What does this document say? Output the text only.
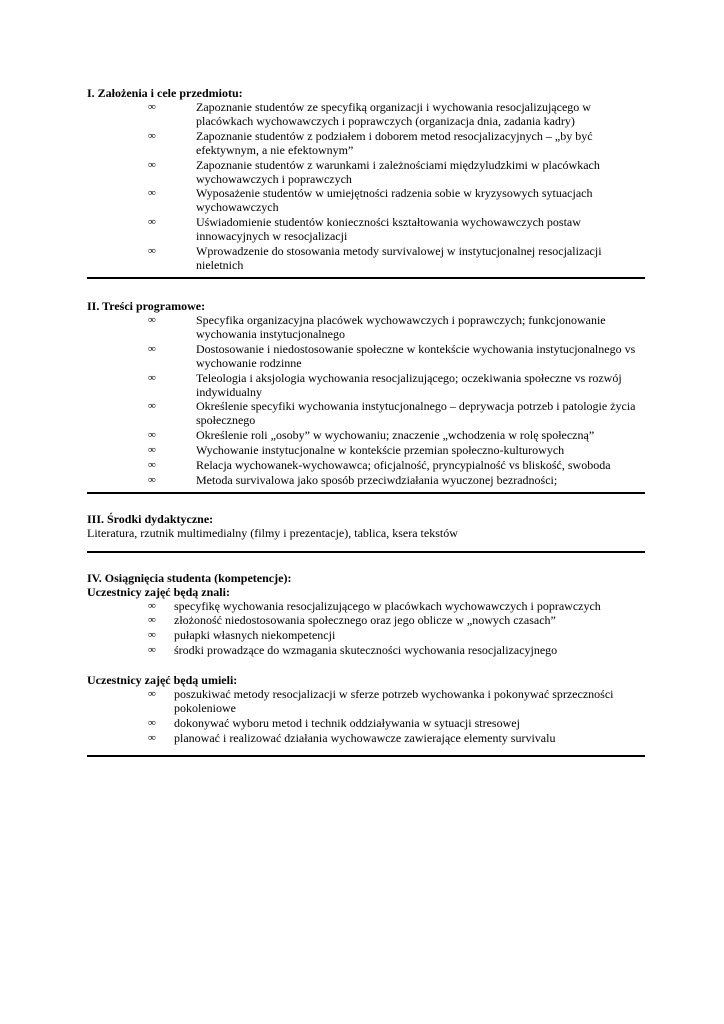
I. Założenia i cele przedmiotu:

∞	Zapoznanie studentów ze specyfiką organizacji i wychowania resocjalizującego w placówkach wychowawczych i poprawczych (organizacja dnia, zadania kadry)
∞	Zapoznanie studentów z podziałem i doborem metod resocjalizacyjnych – „by być efektywnym, a nie efektownym”
∞	Zapoznanie studentów z warunkami i zależnościami międzyludzkimi w placówkach wychowawczych i poprawczych
∞	Wyposażenie studentów w umiejętności radzenia sobie w kryzysowych sytuacjach wychowawczych
∞	Uświadomienie studentów konieczności kształtowania wychowawczych postaw innowacyjnych w resocjalizacji
∞	Wprowadzenie do stosowania metody survivalowej w instytucjonalnej resocjalizacji nieletnich

II. Treści programowe:

∞	Specyfika organizacyjna placówek wychowawczych i poprawczych; funkcjonowanie wychowania instytucjonalnego
∞	Dostosowanie i niedostosowanie społeczne w kontekście wychowania instytucjonalnego vs wychowanie rodzinne
∞	Teleologia i aksjologia wychowania resocjalizującego; oczekiwania społeczne vs rozwój indywidualny
∞	Określenie specyfiki wychowania instytucjonalnego – deprywacja potrzeb i patologie życia społecznego
∞	Określenie roli „osoby” w wychowaniu; znaczenie „wchodzenia w rolę społeczną”
∞	Wychowanie instytucjonalne w kontekście przemian społeczno-kulturowych
∞	Relacja wychowanek-wychowawca; oficjalność, pryncypialność vs bliskość, swoboda
∞	Metoda survivalowa jako sposób przeciwdziałania wyuczonej bezradności;

III. Środki dydaktyczne:

Literatura, rzutnik multimedialny (filmy i prezentacje), tablica, ksera tekstów

IV. Osiągnięcia studenta (kompetencje):

Uczestnicy zajęć będą znali:

∞ specyfikę wychowania resocjalizującego w placówkach wychowawczych i poprawczych
∞ złożoność niedostosowania społecznego oraz jego oblicze w „nowych czasach”
∞ pułapki własnych niekompetencji
∞ środki prowadzące do wzmagania skuteczności wychowania resocjalizacyjnego

Uczestnicy zajęć będą umieli:

∞ poszukiwać metody resocjalizacji w sferze potrzeb wychowanka i pokonywać sprzeczności pokoleniowe
∞ dokonywać wyboru metod i technik oddziaływania w sytuacji stresowej
∞ planować i realizować działania wychowawcze zawierające elementy survivalu
